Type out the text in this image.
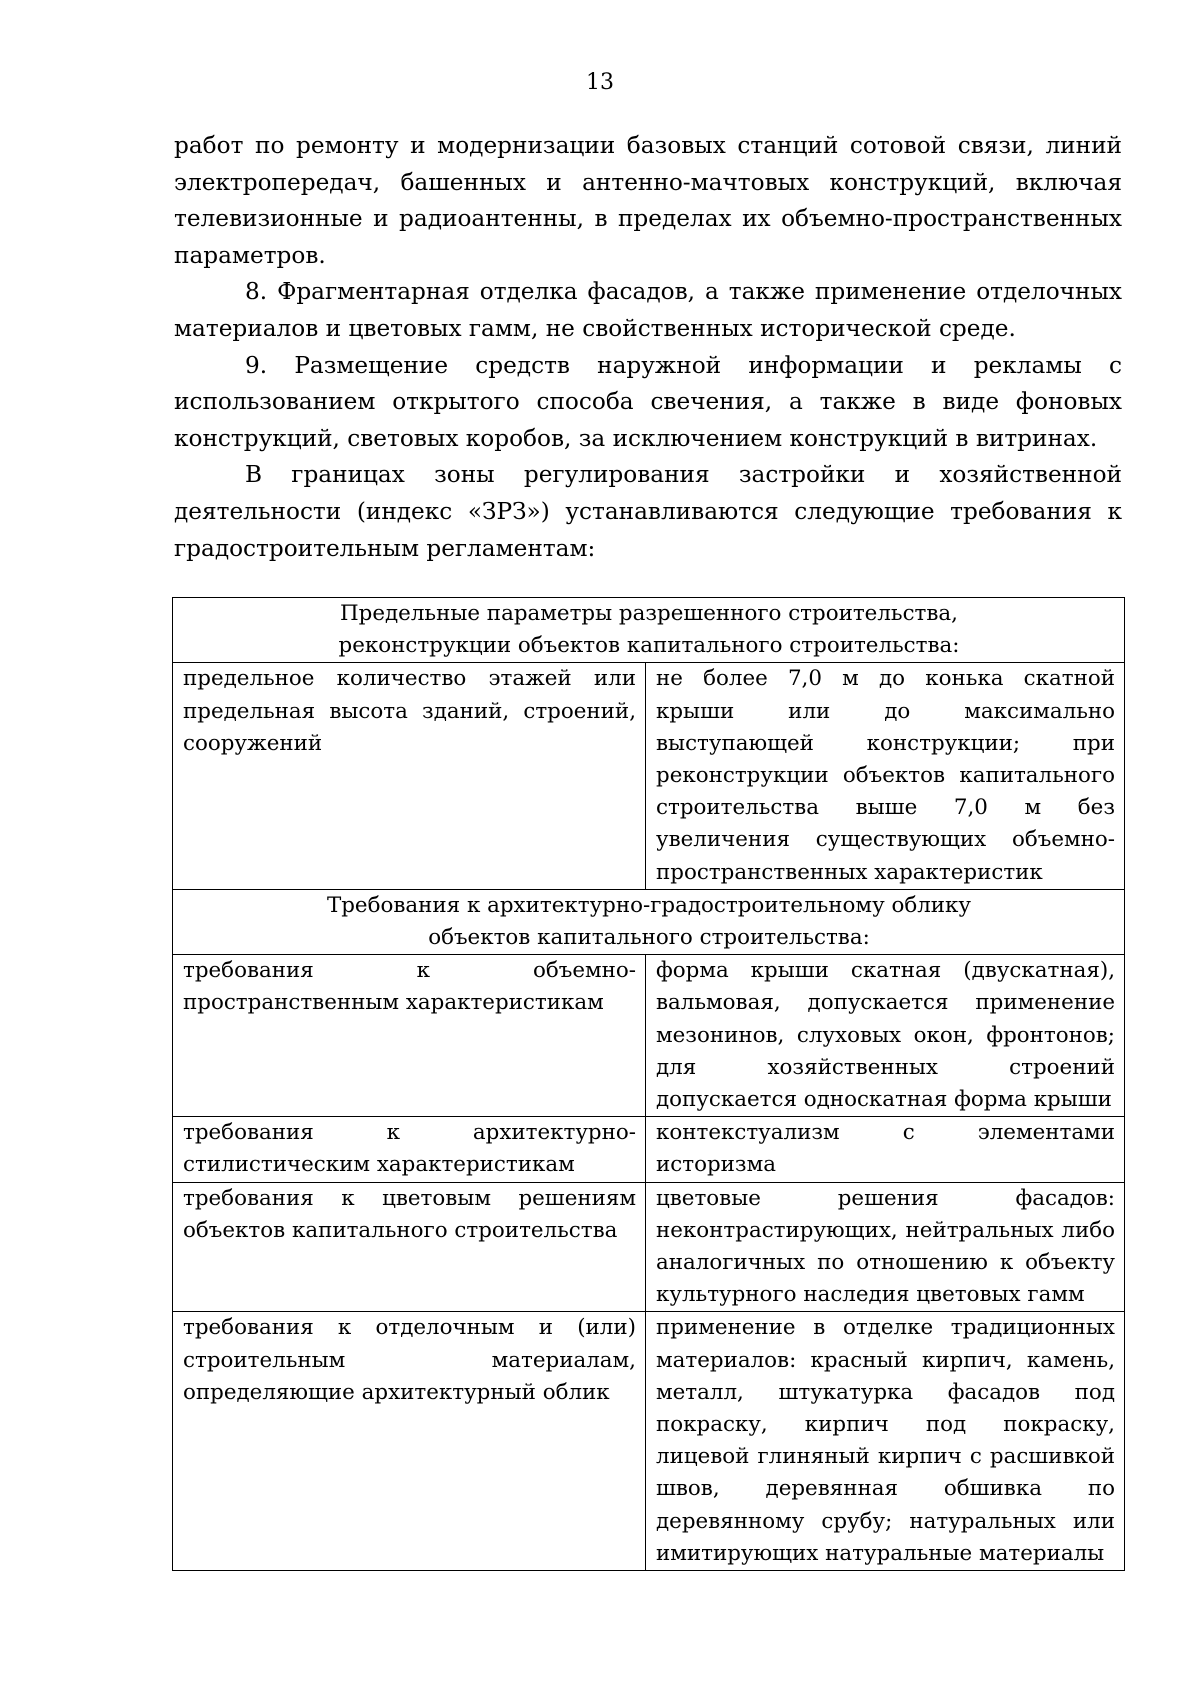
13

работ по ремонту и модернизации базовых станций сотовой связи, линий электропередач, башенных и антенно-мачтовых конструкций, включая телевизионные и радиоантенны, в пределах их объемно-пространственных параметров.

8. Фрагментарная отделка фасадов, а также применение отделочных материалов и цветовых гамм, не свойственных исторической среде.

9. Размещение средств наружной информации и рекламы с использованием открытого способа свечения, а также в виде фоновых конструкций, световых коробов, за исключением конструкций в витринах.

В границах зоны регулирования застройки и хозяйственной деятельности (индекс «ЗРЗ») устанавливаются следующие требования к градостроительным регламентам:

Предельные параметры разрешенного строительства,
реконструкции объектов капитального строительства:	

предельное количество этажей или предельная высота зданий, строений, сооружений	не более 7,0 м до конька скатной крыши или до максимально выступающей конструкции; при реконструкции объектов капитального строительства выше 7,0 м без увеличения существующих объемно-пространственных характеристик

Требования к архитектурно-градостроительному облику
объектов капитального строительства:	

требования к объемно-пространственным характеристикам	форма крыши скатная (двускатная), вальмовая, допускается применение мезонинов, слуховых окон, фронтонов; для хозяйственных строений допускается односкатная форма крыши
требования к архитектурно-стилистическим характеристикам	контекстуализм с элементами историзма
требования к цветовым решениям объектов капитального строительства	цветовые решения фасадов: неконтрастирующих, нейтральных либо аналогичных по отношению к объекту культурного наследия цветовых гамм
требования к отделочным и (или) строительным материалам, определяющие архитектурный облик	применение в отделке традиционных материалов: красный кирпич, камень, металл, штукатурка фасадов под покраску, кирпич под покраску, лицевой глиняный кирпич с расшивкой швов, деревянная обшивка по деревянному срубу; натуральных или имитирующих натуральные материалы
